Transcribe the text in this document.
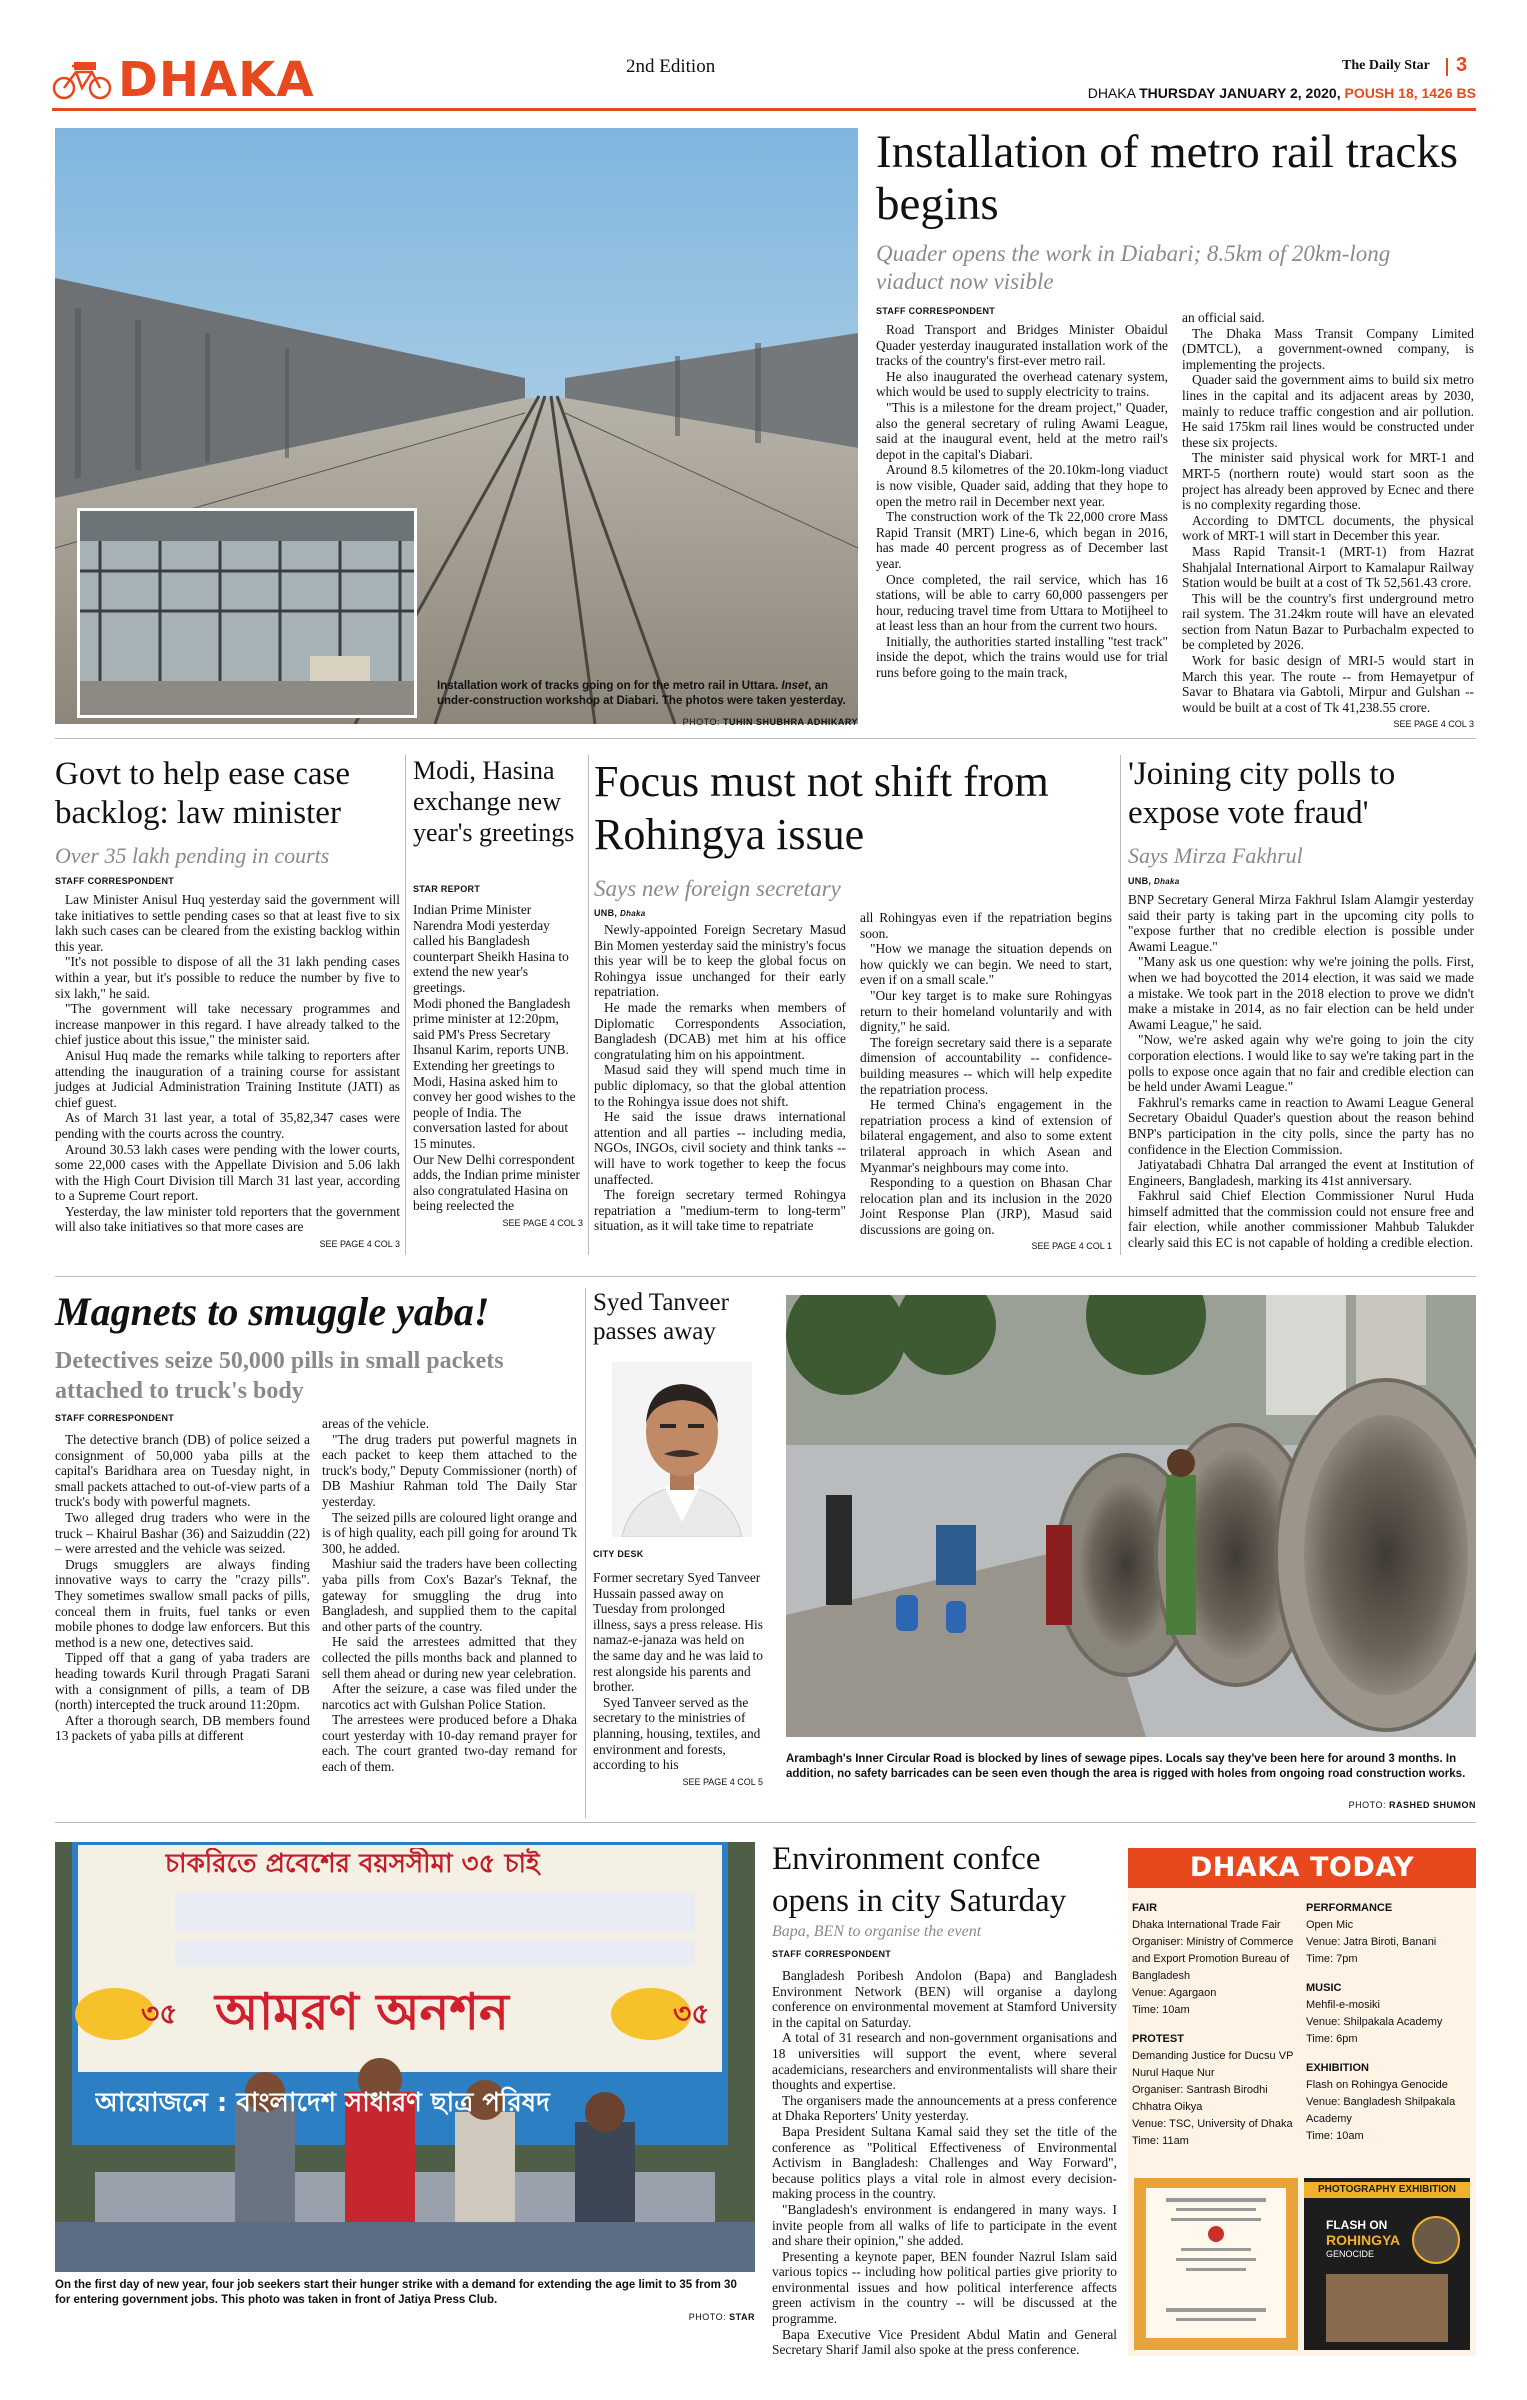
DHAKA	2nd Edition	The Daily Star 3
DHAKA THURSDAY JANUARY 2, 2020, POUSH 18, 1426 BS
Installation work of tracks going on for the metro rail in Uttara. Inset, an under-construction workshop at Diabari. The photos were taken yesterday.
PHOTO: TUHIN SHUBHRA ADHIKARY
Installation of metro rail tracks begins
Quader opens the work in Diabari; 8.5km of 20km-long viaduct now visible
STAFF CORRESPONDENT

Road Transport and Bridges Minister Obaidul Quader yesterday inaugurated installation work of the tracks of the country's first-ever metro rail.

He also inaugurated the overhead catenary system, which would be used to supply electricity to trains.

"This is a milestone for the dream project," Quader, also the general secretary of ruling Awami League, said at the inaugural event, held at the metro rail's depot in the capital's Diabari.

Around 8.5 kilometres of the 20.10km-long viaduct is now visible, Quader said, adding that they hope to open the metro rail in December next year.

The construction work of the Tk 22,000 crore Mass Rapid Transit (MRT) Line-6, which began in 2016, has made 40 percent progress as of December last year.

Once completed, the rail service, which has 16 stations, will be able to carry 60,000 passengers per hour, reducing travel time from Uttara to Motijheel to at least less than an hour from the current two hours.

Initially, the authorities started installing "test track" inside the depot, which the trains would use for trial runs before going to the main track,

an official said.

The Dhaka Mass Transit Company Limited (DMTCL), a government-owned company, is implementing the projects.

Quader said the government aims to build six metro lines in the capital and its adjacent areas by 2030, mainly to reduce traffic congestion and air pollution. He said 175km rail lines would be constructed under these six projects.

The minister said physical work for MRT-1 and MRT-5 (northern route) would start soon as the project has already been approved by Ecnec and there is no complexity regarding those.

According to DMTCL documents, the physical work of MRT-1 will start in December this year.

Mass Rapid Transit-1 (MRT-1) from Hazrat Shahjalal International Airport to Kamalapur Railway Station would be built at a cost of Tk 52,561.43 crore.

This will be the country's first underground metro rail system. The 31.24km route will have an elevated section from Natun Bazar to Purbachalm expected to be completed by 2026.

Work for basic design of MRI-5 would start in March this year. The route -- from Hemayetpur of Savar to Bhatara via Gabtoli, Mirpur and Gulshan -- would be built at a cost of Tk 41,238.55 crore.

SEE PAGE 4 COL 3
Govt to help ease case backlog: law minister
Over 35 lakh pending in courts
STAFF CORRESPONDENT

Law Minister Anisul Huq yesterday said the government will take initiatives to settle pending cases so that at least five to six lakh such cases can be cleared from the existing backlog within this year.

"It's not possible to dispose of all the 31 lakh pending cases within a year, but it's possible to reduce the number by five to six lakh," he said.

"The government will take necessary programmes and increase manpower in this regard. I have already talked to the chief justice about this issue," the minister said.

Anisul Huq made the remarks while talking to reporters after attending the inauguration of a training course for assistant judges at Judicial Administration Training Institute (JATI) as chief guest.

As of March 31 last year, a total of 35,82,347 cases were pending with the courts across the country.

Around 30.53 lakh cases were pending with the lower courts, some 22,000 cases with the Appellate Division and 5.06 lakh with the High Court Division till March 31 last year, according to a Supreme Court report.

Yesterday, the law minister told reporters that the government will also take initiatives so that more cases are

SEE PAGE 4 COL 3
Modi, Hasina exchange new year's greetings
STAR REPORT

Indian Prime Minister Narendra Modi yesterday called his Bangladesh counterpart Sheikh Hasina to extend the new year's greetings.

Modi phoned the Bangladesh prime minister at 12:20pm, said PM's Press Secretary Ihsanul Karim, reports UNB.

Extending her greetings to Modi, Hasina asked him to convey her good wishes to the people of India. The conversation lasted for about 15 minutes.

Our New Delhi correspondent adds, the Indian prime minister also congratulated Hasina on being reelected the

SEE PAGE 4 COL 3
Focus must not shift from Rohingya issue
Says new foreign secretary
UNB, Dhaka

Newly-appointed Foreign Secretary Masud Bin Momen yesterday said the ministry's focus this year will be to keep the global focus on Rohingya issue unchanged for their early repatriation.

He made the remarks when members of Diplomatic Correspondents Association, Bangladesh (DCAB) met him at his office congratulating him on his appointment.

Masud said they will spend much time in public diplomacy, so that the global attention to the Rohingya issue does not shift.

He said the issue draws international attention and all parties -- including media, NGOs, INGOs, civil society and think tanks -- will have to work together to keep the focus unaffected.

The foreign secretary termed Rohingya repatriation a "medium-term to long-term" situation, as it will take time to repatriate

all Rohingyas even if the repatriation begins soon.

"How we manage the situation depends on how quickly we can begin. We need to start, even if on a small scale."

"Our key target is to make sure Rohingyas return to their homeland voluntarily and with dignity," he said.

The foreign secretary said there is a separate dimension of accountability -- confidence-building measures -- which will help expedite the repatriation process.

He termed China's engagement in the repatriation process a kind of extension of bilateral engagement, and also to some extent trilateral approach in which Asean and Myanmar's neighbours may come into.

Responding to a question on Bhasan Char relocation plan and its inclusion in the 2020 Joint Response Plan (JRP), Masud said discussions are going on.

SEE PAGE 4 COL 1
'Joining city polls to expose vote fraud'
Says Mirza Fakhrul
UNB, Dhaka

BNP Secretary General Mirza Fakhrul Islam Alamgir yesterday said their party is taking part in the upcoming city polls to "expose further that no credible election is possible under Awami League."

"Many ask us one question: why we're joining the polls. First, when we had boycotted the 2014 election, it was said we made a mistake. We took part in the 2018 election to prove we didn't make a mistake in 2014, as no fair election can be held under Awami League," he said.

"Now, we're asked again why we're going to join the city corporation elections. I would like to say we're taking part in the polls to expose once again that no fair and credible election can be held under Awami League."

Fakhrul's remarks came in reaction to Awami League General Secretary Obaidul Quader's question about the reason behind BNP's participation in the city polls, since the party has no confidence in the Election Commission.

Jatiyatabadi Chhatra Dal arranged the event at Institution of Engineers, Bangladesh, marking its 41st anniversary.

Fakhrul said Chief Election Commissioner Nurul Huda himself admitted that the commission could not ensure free and fair election, while another commissioner Mahbub Talukder clearly said this EC is not capable of holding a credible election.

Magnets to smuggle yaba!
Detectives seize 50,000 pills in small packets attached to truck's body
STAFF CORRESPONDENT

The detective branch (DB) of police seized a consignment of 50,000 yaba pills at the capital's Baridhara area on Tuesday night, in small packets attached to out-of-view parts of a truck's body with powerful magnets.

Two alleged drug traders who were in the truck – Khairul Bashar (36) and Saizuddin (22) – were arrested and the vehicle was seized.

Drugs smugglers are always finding innovative ways to carry the "crazy pills". They sometimes swallow small packs of pills, conceal them in fruits, fuel tanks or even mobile phones to dodge law enforcers. But this method is a new one, detectives said.

Tipped off that a gang of yaba traders are heading towards Kuril through Pragati Sarani with a consignment of pills, a team of DB (north) intercepted the truck around 11:20pm.

After a thorough search, DB members found 13 packets of yaba pills at different

areas of the vehicle.

"The drug traders put powerful magnets in each packet to keep them attached to the truck's body," Deputy Commissioner (north) of DB Mashiur Rahman told The Daily Star yesterday.

The seized pills are coloured light orange and is of high quality, each pill going for around Tk 300, he added.

Mashiur said the traders have been collecting yaba pills from Cox's Bazar's Teknaf, the gateway for smuggling the drug into Bangladesh, and supplied them to the capital and other parts of the country.

He said the arrestees admitted that they collected the pills months back and planned to sell them ahead or during new year celebration.

After the seizure, a case was filed under the narcotics act with Gulshan Police Station.

The arrestees were produced before a Dhaka court yesterday with 10-day remand prayer for each. The court granted two-day remand for each of them.

Syed Tanveer passes away
CITY DESK

Former secretary Syed Tanveer Hussain passed away on Tuesday from prolonged illness, says a press release. His namaz-e-janaza was held on the same day and he was laid to rest alongside his parents and brother.

Syed Tanveer served as the secretary to the ministries of planning, housing, textiles, and environment and forests, according to his

SEE PAGE 4 COL 5
Arambagh's Inner Circular Road is blocked by lines of sewage pipes. Locals say they've been here for around 3 months. In addition, no safety barricades can be seen even though the area is rigged with holes from ongoing road construction works.
PHOTO: RASHED SHUMON
চাকরিতে প্রবেশের বয়সসীমা ৩৫ চাই
৩৫ আমরণ অনশন	৩৫
আয়োজনে : বাংলাদেশ সাধারণ ছাত্র পরিষদ
On the first day of new year, four job seekers start their hunger strike with a demand for extending the age limit to 35 from 30 for entering government jobs. This photo was taken in front of Jatiya Press Club.
PHOTO: STAR
Environment confce opens in city Saturday
Bapa, BEN to organise the event
STAFF CORRESPONDENT

Bangladesh Poribesh Andolon (Bapa) and Bangladesh Environment Network (BEN) will organise a daylong conference on environmental movement at Stamford University in the capital on Saturday.

A total of 31 research and non-government organisations and 18 universities will support the event, where several academicians, researchers and environmentalists will share their thoughts and expertise.

The organisers made the announcements at a press conference at Dhaka Reporters' Unity yesterday.

Bapa President Sultana Kamal said they set the title of the conference as "Political Effectiveness of Environmental Activism in Bangladesh: Challenges and Way Forward", because politics plays a vital role in almost every decision-making process in the country.

"Bangladesh's environment is endangered in many ways. I invite people from all walks of life to participate in the event and share their opinion," she added.

Presenting a keynote paper, BEN founder Nazrul Islam said various topics -- including how political parties give priority to environmental issues and how political interference affects green activism in the country -- will be discussed at the programme.

Bapa Executive Vice President Abdul Matin and General Secretary Sharif Jamil also spoke at the press conference.

DHAKA TODAY
FAIR
Dhaka International Trade Fair
Organiser: Ministry of Commerce
and Export Promotion Bureau of
Bangladesh
Venue: Agargaon
Time: 10am
PROTEST
Demanding Justice for Ducsu VP
Nurul Haque Nur
Organiser: Santrash Birodhi
Chhatra Oikya
Venue: TSC, University of Dhaka
Time: 11am
PERFORMANCE
Open Mic
Venue: Jatra Biroti, Banani
Time: 7pm
MUSIC
Mehfil-e-mosiki
Venue: Shilpakala Academy
Time: 6pm
EXHIBITION
Flash on Rohingya Genocide
Venue: Bangladesh Shilpakala
Academy
Time: 10am
PHOTOGRAPHY EXHIBITION
FLASH ON
ROHINGYA
GENOCIDE
